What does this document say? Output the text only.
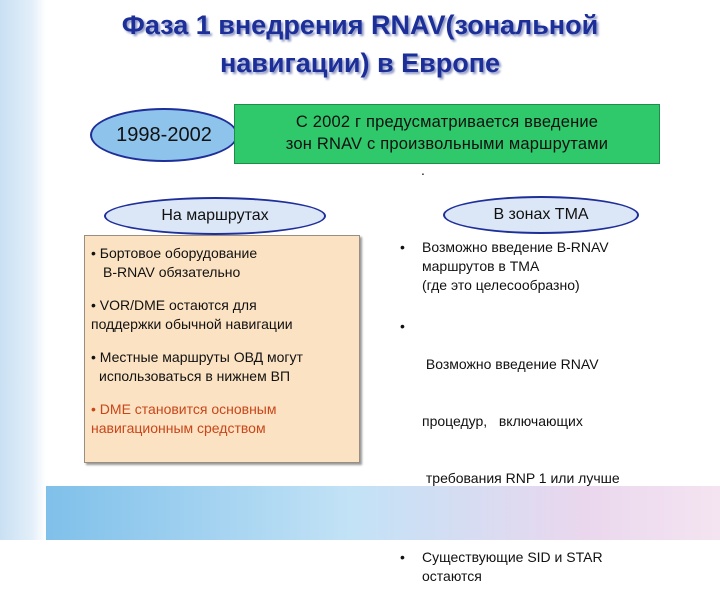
Фаза 1 внедрения RNAV(зональной
навигации) в Европе
1998-2002
С 2002 г предусматривается введение
зон RNAV с произвольными маршрутами
.
На маршрутах	В зонах ТМА
• Бортовое оборудование
B-RNAV обязательно
• VOR/DME остаются для
поддержки обычной навигации
• Местные маршруты ОВД могут
использоваться в нижнем ВП
• DME становится основным
навигационным средством
•	Возможно введение B-RNAV
маршрутов в ТМА
(где это целесообразно)
•

Возможно введение RNAV

процедур,   включающих

требования RNP 1 или лучше

•	Существующие SID и STAR
остаются
